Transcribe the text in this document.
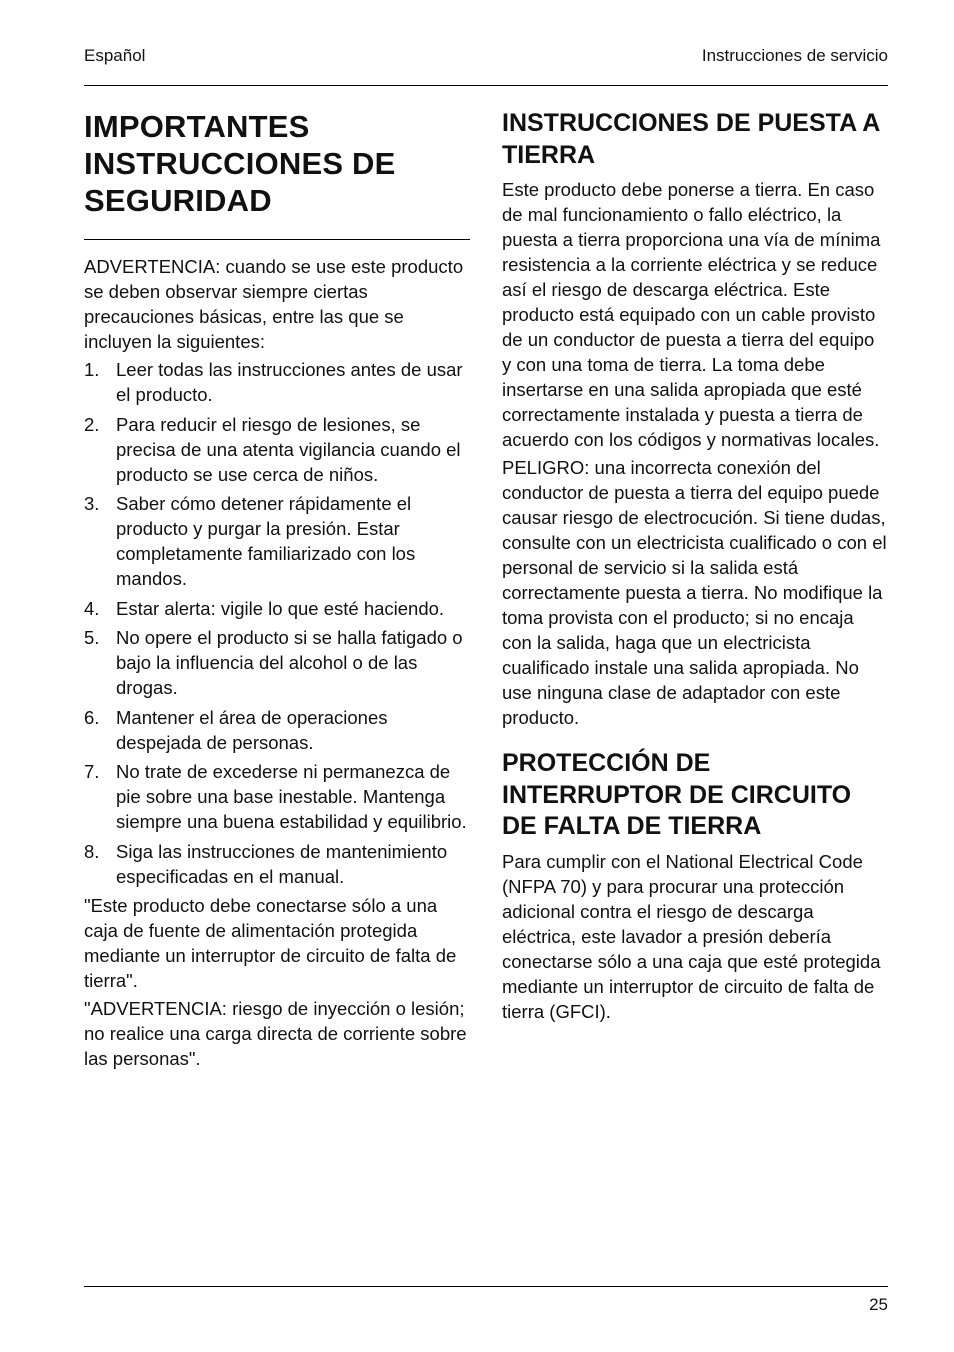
Español	Instrucciones de servicio
IMPORTANTES INSTRUCCIONES DE SEGURIDAD

ADVERTENCIA: cuando se use este producto se deben observar siempre ciertas precauciones básicas, entre las que se incluyen la siguientes:

1. Leer todas las instrucciones antes de usar el producto.
2. Para reducir el riesgo de lesiones, se precisa de una atenta vigilancia cuando el producto se use cerca de niños.
3. Saber cómo detener rápidamente el producto y purgar la presión. Estar completamente familiarizado con los mandos.
4. Estar alerta: vigile lo que esté haciendo.
5. No opere el producto si se halla fatigado o bajo la influencia del alcohol o de las drogas.
6. Mantener el área de operaciones despejada de personas.
7. No trate de excederse ni permanezca de pie sobre una base inestable. Mantenga siempre una buena estabilidad y equilibrio.
8. Siga las instrucciones de mantenimiento especificadas en el manual.

"Este producto debe conectarse sólo a una caja de fuente de alimentación protegida mediante un interruptor de circuito de falta de tierra".

"ADVERTENCIA: riesgo de inyección o lesión; no realice una carga directa de corriente sobre las personas".

INSTRUCCIONES DE PUESTA A TIERRA

Este producto debe ponerse a tierra. En caso de mal funcionamiento o fallo eléctrico, la puesta a tierra proporciona una vía de mínima resistencia a la corriente eléctrica y se reduce así el riesgo de descarga eléctrica. Este producto está equipado con un cable provisto de un conductor de puesta a tierra del equipo y con una toma de tierra. La toma debe insertarse en una salida apropiada que esté correctamente instalada y puesta a tierra de acuerdo con los códigos y normativas locales.

PELIGRO: una incorrecta conexión del conductor de puesta a tierra del equipo puede causar riesgo de electrocución. Si tiene dudas, consulte con un electricista cualificado o con el personal de servicio si la salida está correctamente puesta a tierra. No modifique la toma provista con el producto; si no encaja con la salida, haga que un electricista cualificado instale una salida apropiada. No use ninguna clase de adaptador con este producto.

PROTECCIÓN DE INTERRUPTOR DE CIRCUITO DE FALTA DE TIERRA

Para cumplir con el National Electrical Code (NFPA 70) y para procurar una protección adicional contra el riesgo de descarga eléctrica, este lavador a presión debería conectarse sólo a una caja que esté protegida mediante un interruptor de circuito de falta de tierra (GFCI).

25
